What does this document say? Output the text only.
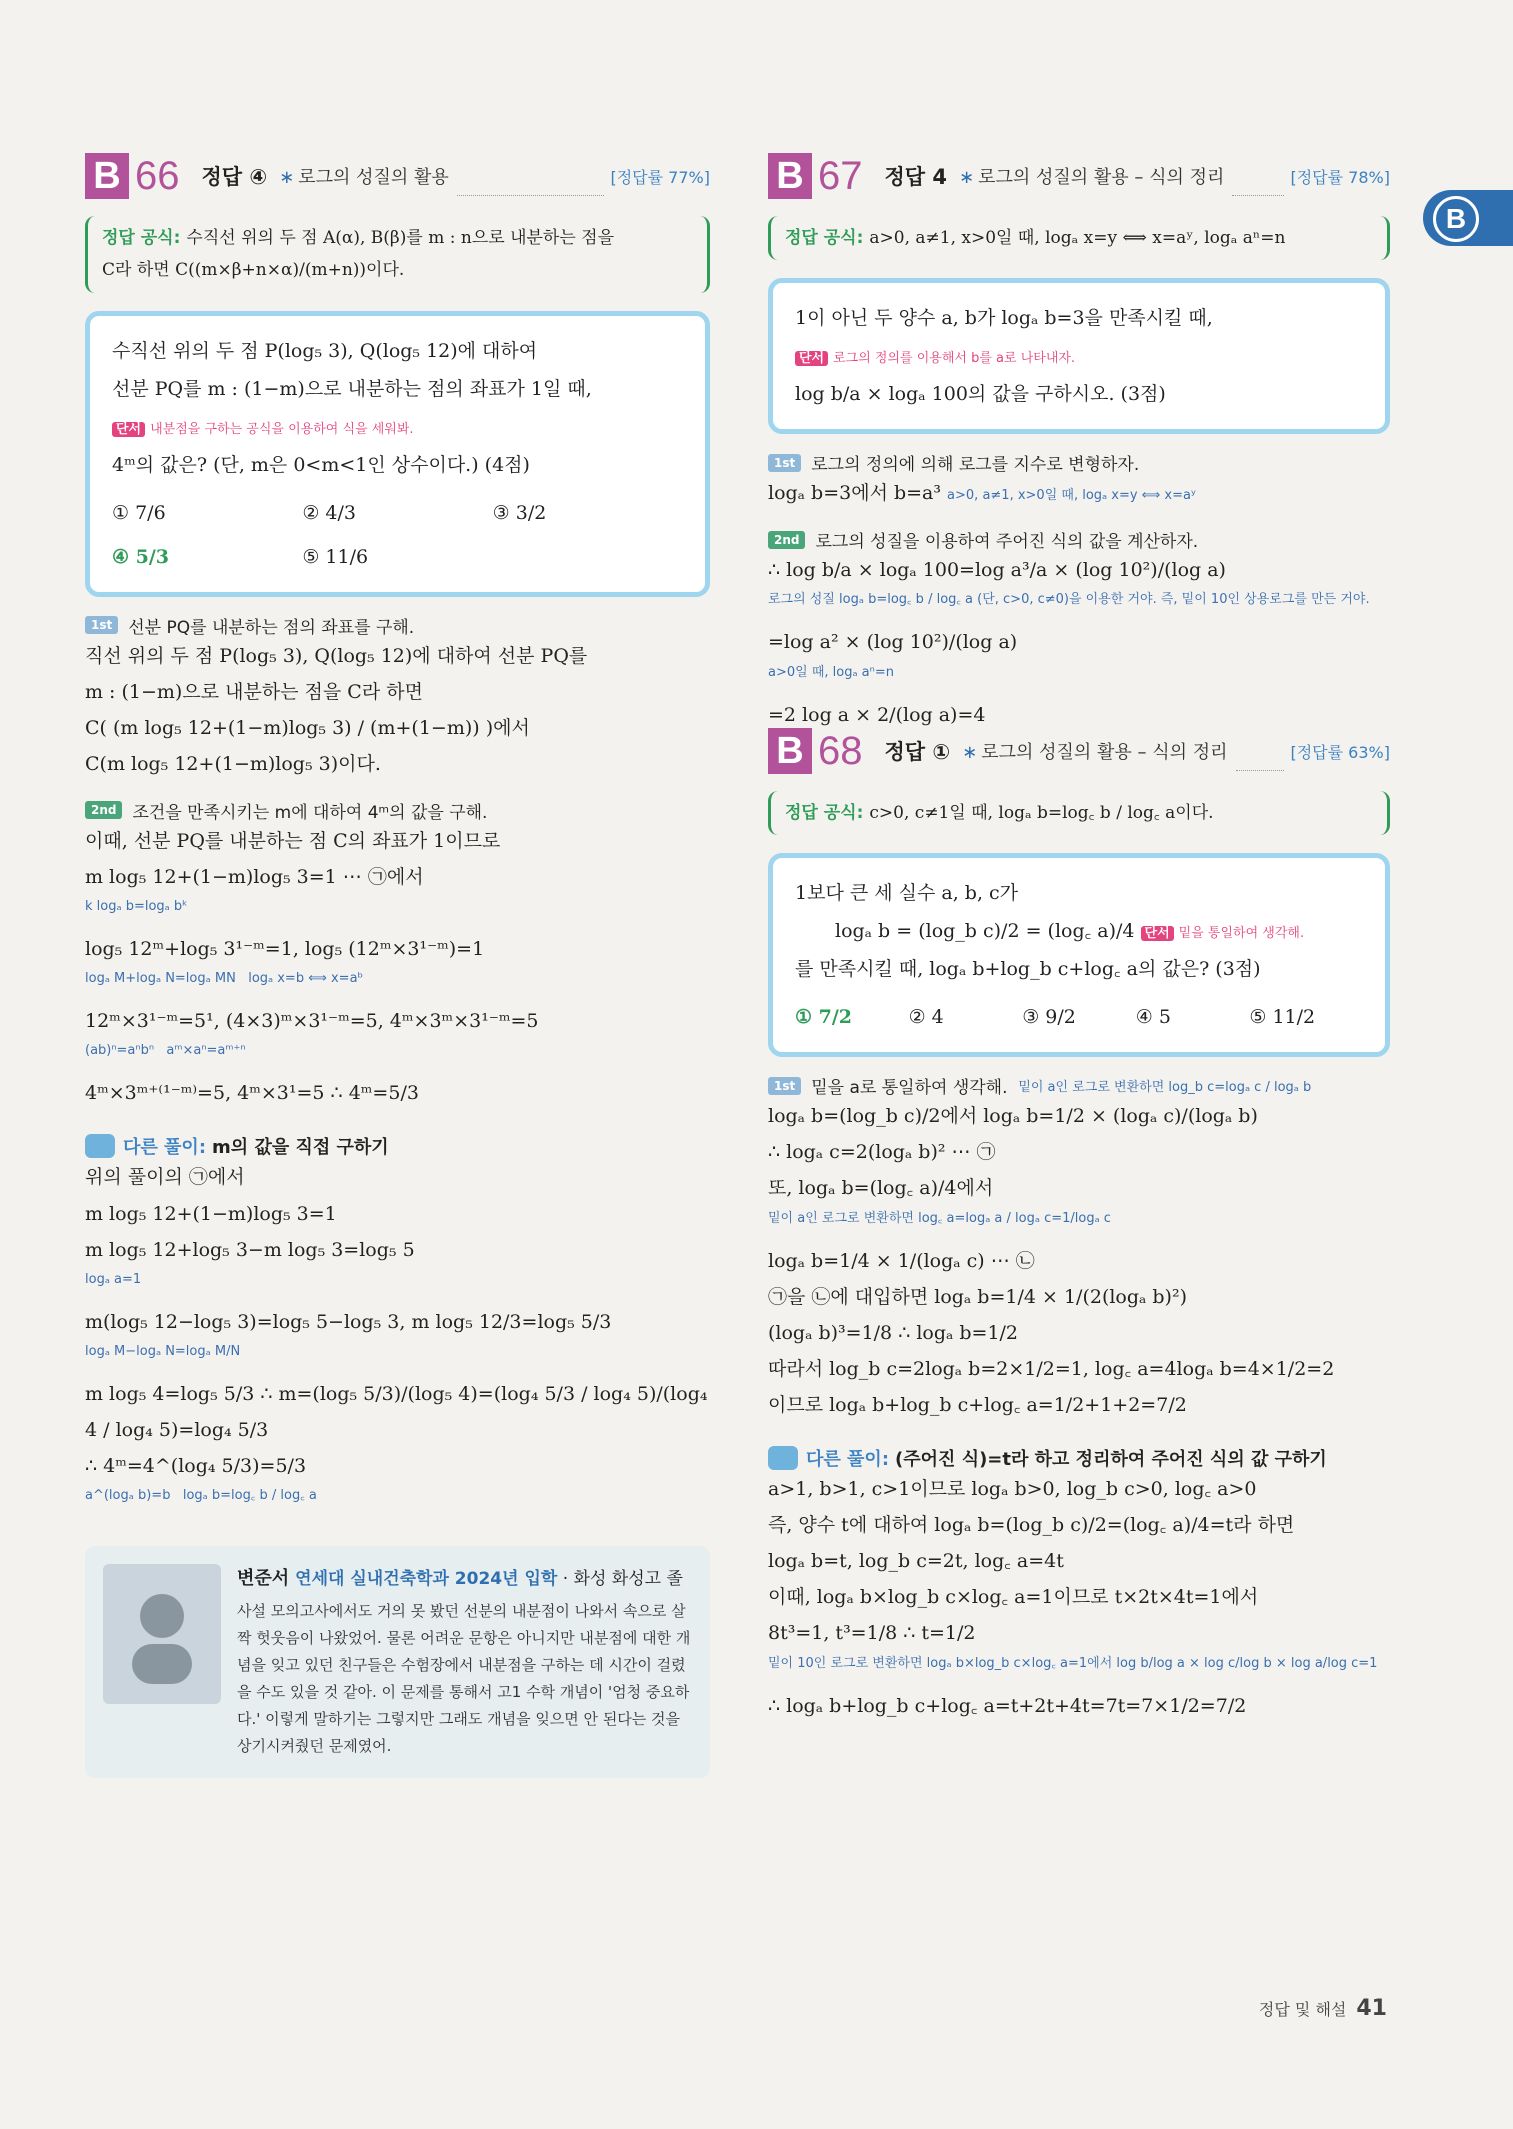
B
B 66 정답 ④ ∗ 로그의 성질의 활용	[정답률 77%]
정답 공식: 수직선 위의 두 점 A(α), B(β)를 m : n으로 내분하는 점을
C라 하면 C((m×β+n×α)/(m+n))이다.
수직선 위의 두 점 P(log₅ 3), Q(log₅ 12)에 대하여
선분 PQ를 m : (1−m)으로 내분하는 점의 좌표가 1일 때,
단서 내분점을 구하는 공식을 이용하여 식을 세워봐.
4ᵐ의 값은? (단, m은 0<m<1인 상수이다.) (4점)
① 7/6	② 4/3	③ 3/2
④ 5/3	⑤ 11/6
1st 선분 PQ를 내분하는 점의 좌표를 구해.
직선 위의 두 점 P(log₅ 3), Q(log₅ 12)에 대하여 선분 PQ를
m : (1−m)으로 내분하는 점을 C라 하면
C( (m log₅ 12+(1−m)log₅ 3) / (m+(1−m)) )에서
C(m log₅ 12+(1−m)log₅ 3)이다.
2nd 조건을 만족시키는 m에 대하여 4ᵐ의 값을 구해.
이때, 선분 PQ를 내분하는 점 C의 좌표가 1이므로
m log₅ 12+(1−m)log₅ 3=1 ⋯ ㉠에서
k logₐ b=logₐ bᵏ
log₅ 12ᵐ+log₅ 3¹⁻ᵐ=1, log₅ (12ᵐ×3¹⁻ᵐ)=1
logₐ M+logₐ N=logₐ MN logₐ x=b ⟺ x=aᵇ
12ᵐ×3¹⁻ᵐ=5¹, (4×3)ᵐ×3¹⁻ᵐ=5, 4ᵐ×3ᵐ×3¹⁻ᵐ=5
(ab)ⁿ=aⁿbⁿ aᵐ×aⁿ=aᵐ⁺ⁿ
4ᵐ×3ᵐ⁺⁽¹⁻ᵐ⁾=5, 4ᵐ×3¹=5 ∴ 4ᵐ=5/3
다른 풀이: m의 값을 직접 구하기
위의 풀이의 ㉠에서
m log₅ 12+(1−m)log₅ 3=1
m log₅ 12+log₅ 3−m log₅ 3=log₅ 5
logₐ a=1
m(log₅ 12−log₅ 3)=log₅ 5−log₅ 3, m log₅ 12/3=log₅ 5/3
logₐ M−logₐ N=logₐ M/N
m log₅ 4=log₅ 5/3 ∴ m=(log₅ 5/3)/(log₅ 4)=(log₄ 5/3 / log₄ 5)/(log₄ 4 / log₄ 5)=log₄ 5/3
∴ 4ᵐ=4^(log₄ 5/3)=5/3
a^(logₐ b)=b logₐ b=log꜀ b / log꜀ a
변준서 연세대 실내건축학과 2024년 입학 · 화성 화성고 졸
사설 모의고사에서도 거의 못 봤던 선분의 내분점이 나와서 속으로 살짝 헛웃음이 나왔었어. 물론 어려운 문항은 아니지만 내분점에 대한 개념을 잊고 있던 친구들은 수험장에서 내분점을 구하는 데 시간이 걸렸을 수도 있을 것 같아. 이 문제를 통해서 고1 수학 개념이 '엄청 중요하다.' 이렇게 말하기는 그렇지만 그래도 개념을 잊으면 안 된다는 것을 상기시켜줬던 문제였어.
B 67 정답 4 ∗ 로그의 성질의 활용 – 식의 정리	[정답률 78%]
정답 공식: a>0, a≠1, x>0일 때, logₐ x=y ⟺ x=aʸ, logₐ aⁿ=n
1이 아닌 두 양수 a, b가 logₐ b=3을 만족시킬 때,
단서 로그의 정의를 이용해서 b를 a로 나타내자.
log b/a × logₐ 100의 값을 구하시오. (3점)
1st 로그의 정의에 의해 로그를 지수로 변형하자.
logₐ b=3에서 b=a³ a>0, a≠1, x>0일 때, logₐ x=y ⟺ x=aʸ
2nd 로그의 성질을 이용하여 주어진 식의 값을 계산하자.
∴ log b/a × logₐ 100=log a³/a × (log 10²)/(log a)
로그의 성질 logₐ b=log꜀ b / log꜀ a (단, c>0, c≠0)을 이용한 거야. 즉, 밑이 10인 상용로그를 만든 거야.
=log a² × (log 10²)/(log a)
a>0일 때, logₐ aⁿ=n
=2 log a × 2/(log a)=4
B 68 정답 ① ∗ 로그의 성질의 활용 – 식의 정리	[정답률 63%]
정답 공식: c>0, c≠1일 때, logₐ b=log꜀ b / log꜀ a이다.
1보다 큰 세 실수 a, b, c가
logₐ b = (log_b c)/2 = (log꜀ a)/4 단서 밑을 통일하여 생각해.
를 만족시킬 때, logₐ b+log_b c+log꜀ a의 값은? (3점)
① 7/2	② 4	③ 9/2	④ 5	⑤ 11/2
1st 밑을 a로 통일하여 생각해.
밑이 a인 로그로 변환하면 log_b c=logₐ c / logₐ b
logₐ b=(log_b c)/2에서 logₐ b=1/2 × (logₐ c)/(logₐ b)
∴ logₐ c=2(logₐ b)² ⋯ ㉠
또, logₐ b=(log꜀ a)/4에서
밑이 a인 로그로 변환하면 log꜀ a=logₐ a / logₐ c=1/logₐ c
logₐ b=1/4 × 1/(logₐ c) ⋯ ㉡
㉠을 ㉡에 대입하면 logₐ b=1/4 × 1/(2(logₐ b)²)
(logₐ b)³=1/8 ∴ logₐ b=1/2
따라서 log_b c=2logₐ b=2×1/2=1, log꜀ a=4logₐ b=4×1/2=2
이므로 logₐ b+log_b c+log꜀ a=1/2+1+2=7/2
다른 풀이: (주어진 식)=t라 하고 정리하여 주어진 식의 값 구하기
a>1, b>1, c>1이므로 logₐ b>0, log_b c>0, log꜀ a>0
즉, 양수 t에 대하여 logₐ b=(log_b c)/2=(log꜀ a)/4=t라 하면
logₐ b=t, log_b c=2t, log꜀ a=4t
이때, logₐ b×log_b c×log꜀ a=1이므로 t×2t×4t=1에서
8t³=1, t³=1/8 ∴ t=1/2
밑이 10인 로그로 변환하면 logₐ b×log_b c×log꜀ a=1에서 log b/log a × log c/log b × log a/log c=1
∴ logₐ b+log_b c+log꜀ a=t+2t+4t=7t=7×1/2=7/2
정답 및 해설 41
